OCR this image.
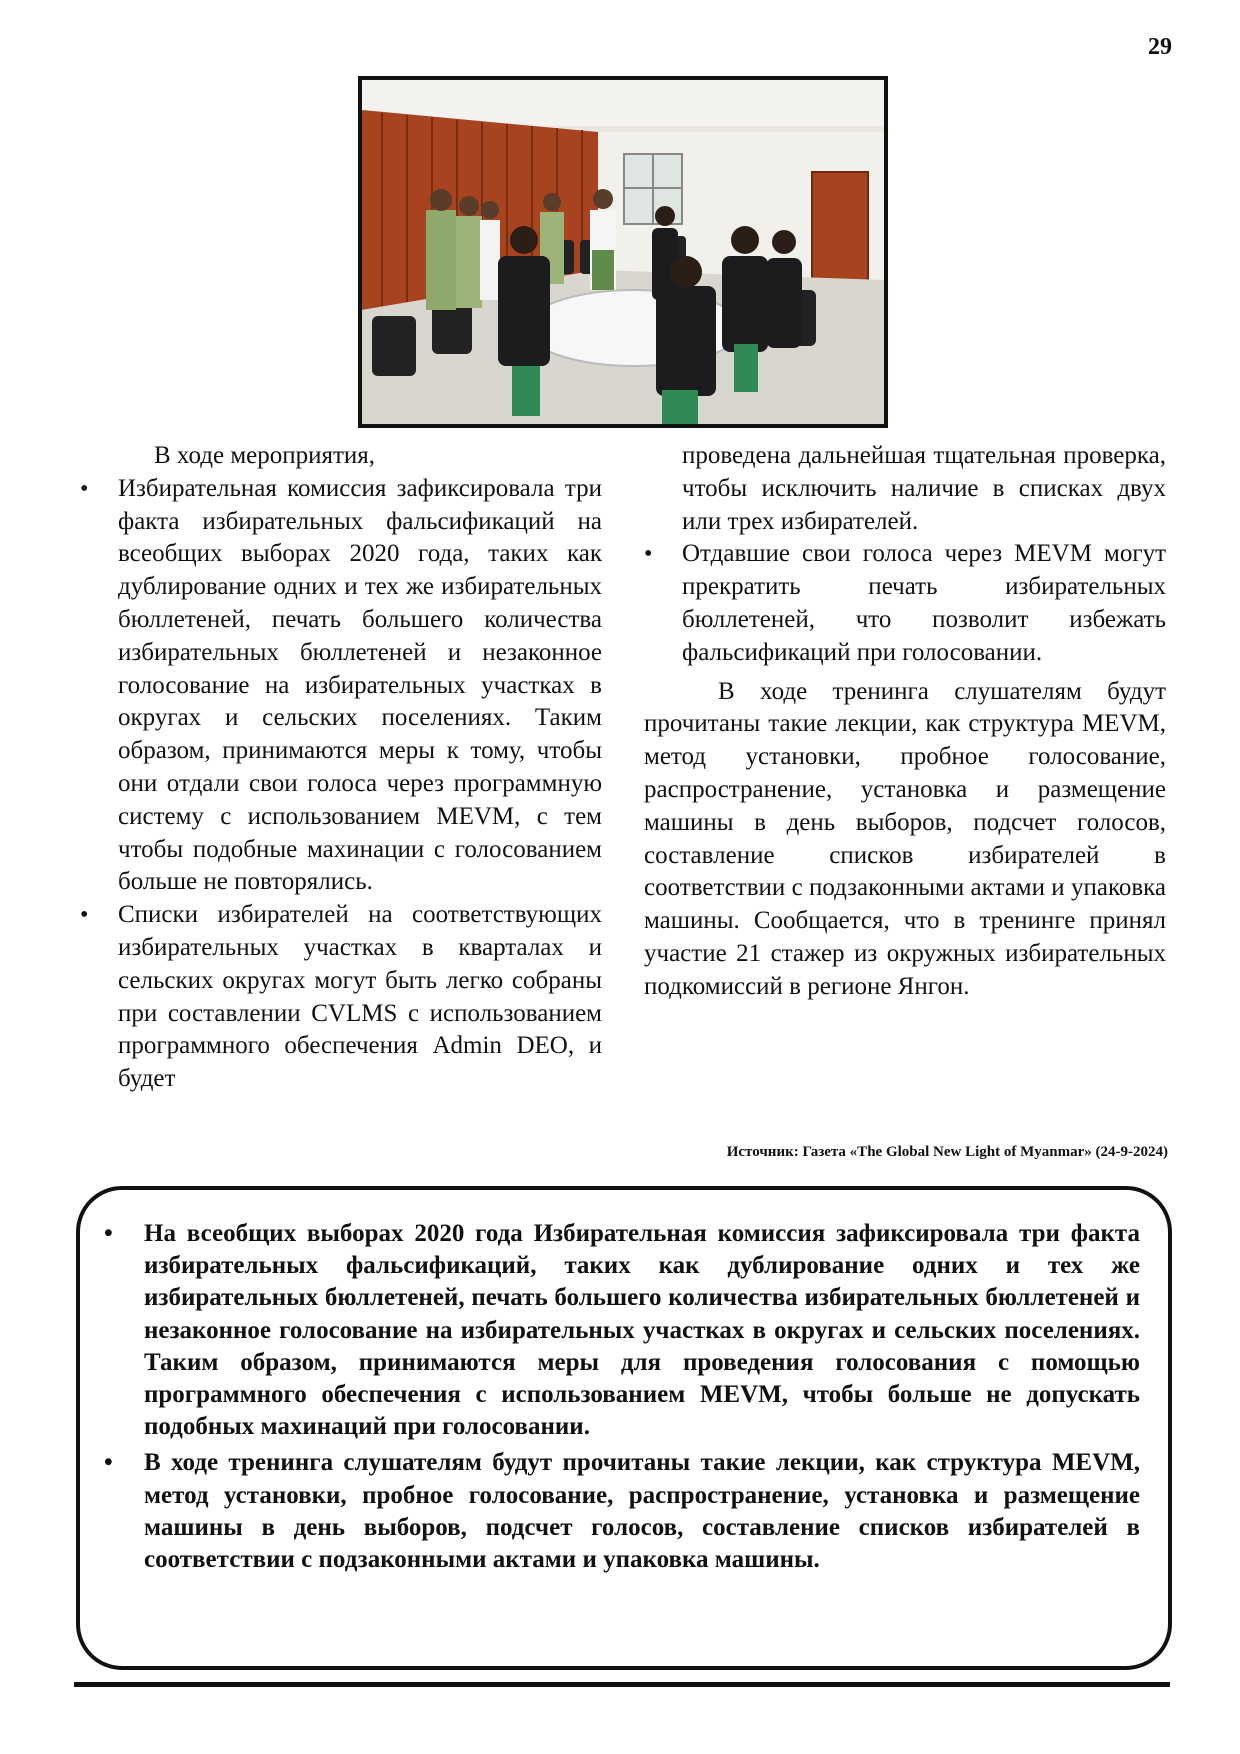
29

В ходе мероприятия,

• Избирательная комиссия зафиксировала три факта избирательных фальсификаций на всеобщих выборах 2020 года, таких как дублирование одних и тех же избирательных бюллетеней, печать большего количества избирательных бюллетеней и незаконное голосование на избирательных участках в округах и сельских поселениях. Таким образом, принимаются меры к тому, чтобы они отдали свои голоса через программную систему с использованием MEVM, с тем чтобы подобные махинации с голосованием больше не повторялись.
• Списки избирателей на соответствующих избирательных участках в кварталах и сельских округах могут быть легко собраны при составлении CVLMS с использованием программного обеспечения Admin DEO, и будет

проведена дальнейшая тщательная проверка, чтобы исключить наличие в списках двух или трех избирателей.

• Отдавшие свои голоса через MEVM могут прекратить печать избирательных бюллетеней, что позволит избежать фальсификаций при голосовании.

В ходе тренинга слушателям будут прочитаны такие лекции, как структура MEVM, метод установки, пробное голосование, распространение, установка и размещение машины в день выборов, подсчет голосов, составление списков избирателей в соответствии с подзаконными актами и упаковка машины. Сообщается, что в тренинге принял участие 21 стажер из окружных избирательных подкомиссий в регионе Янгон.

Источник: Газета «The Global New Light of Myanmar» (24-9-2024)
• На всеобщих выборах 2020 года Избирательная комиссия зафиксировала три факта избирательных фальсификаций, таких как дублирование одних и тех же избирательных бюллетеней, печать большего количества избирательных бюллетеней и незаконное голосование на избирательных участках в округах и сельских поселениях. Таким образом, принимаются меры для проведения голосования с помощью программного обеспечения с использованием MEVM, чтобы больше не допускать подобных махинаций при голосовании.
• В ходе тренинга слушателям будут прочитаны такие лекции, как структура MEVM, метод установки, пробное голосование, распространение, установка и размещение машины в день выборов, подсчет голосов, составление списков избирателей в соответствии с подзаконными актами и упаковка машины.
